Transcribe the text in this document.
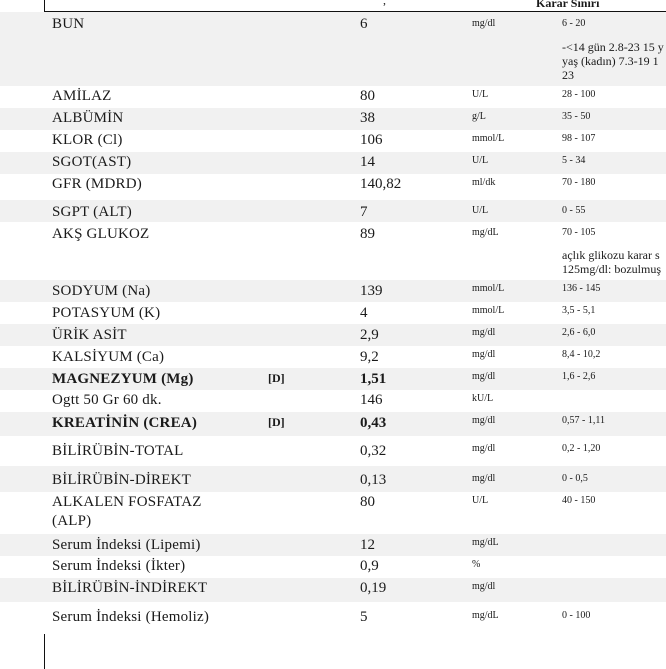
,	Karar Sınırı
BUN	6	mg/dl	6 - 20
-<14 gün 2.8-23 15 y
yaş (kadın) 7.3-19 1
23
AMİLAZ	80	U/L	28 - 100
ALBÜMİN	38	g/L	35 - 50
KLOR (Cl)	106	mmol/L	98 - 107
SGOT(AST)	14	U/L	5 - 34
GFR (MDRD)	140,82	ml/dk	70 - 180
SGPT (ALT)	7	U/L	0 - 55
AKŞ GLUKOZ	89	mg/dL	70 - 105
açlık glikozu karar s
125mg/dl: bozulmuş
SODYUM (Na)	139	mmol/L	136 - 145
POTASYUM (K)	4	mmol/L	3,5 - 5,1
ÜRİK ASİT	2,9	mg/dl	2,6 - 6,0
KALSİYUM (Ca)	9,2	mg/dl	8,4 - 10,2
MAGNEZYUM (Mg)	[D]	1,51	mg/dl	1,6 - 2,6
Ogtt 50 Gr 60 dk.	146	kU/L
KREATİNİN (CREA)	[D]	0,43	mg/dl	0,57 - 1,11
BİLİRÜBİN-TOTAL	0,32	mg/dl	0,2 - 1,20
BİLİRÜBİN-DİREKT	0,13	mg/dl	0 - 0,5
ALKALEN FOSFATAZ
(ALP)
80	U/L	40 - 150
Serum İndeksi (Lipemi)	12	mg/dL
Serum İndeksi (İkter)	0,9	%
BİLİRÜBİN-İNDİREKT	0,19	mg/dl
Serum İndeksi (Hemoliz)	5	mg/dL	0 - 100
